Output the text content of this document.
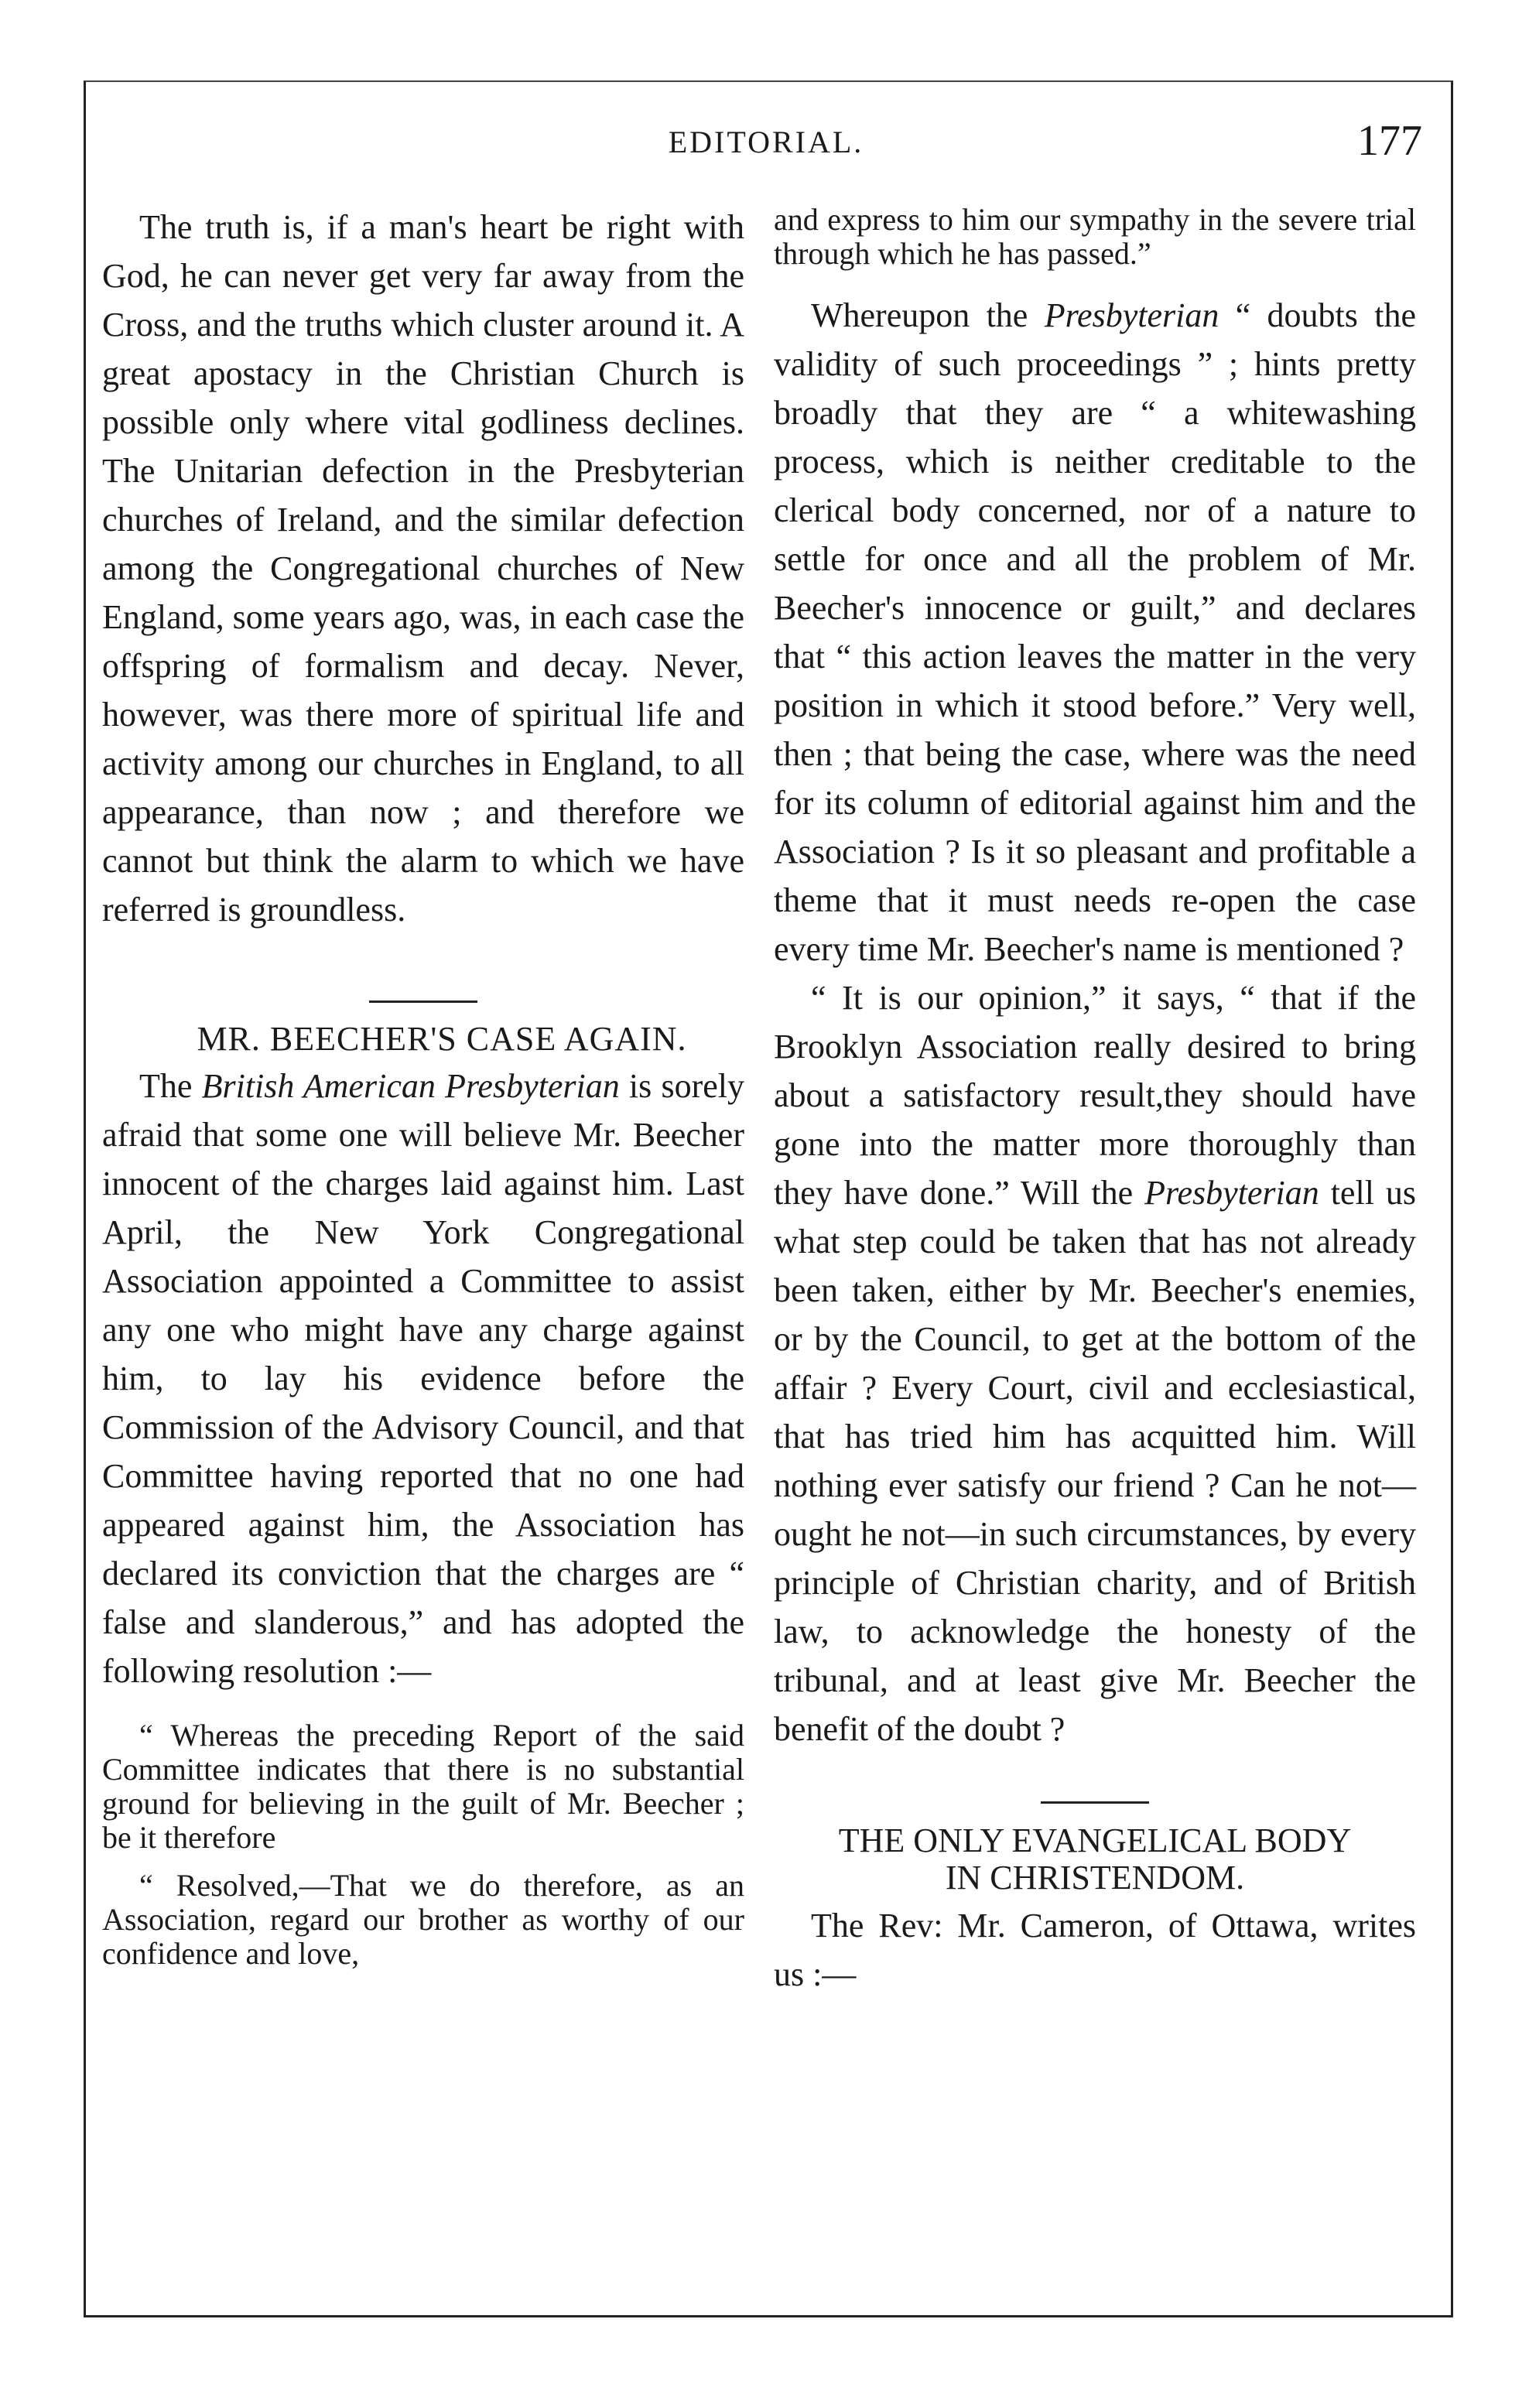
EDITORIAL.	177

The truth is, if a man's heart be right with God, he can never get very far away from the Cross, and the truths which cluster around it. A great apostacy in the Christian Church is possible only where vital godliness declines. The Unitarian defection in the Presbyterian churches of Ireland, and the similar defection among the Congregational churches of New England, some years ago, was, in each case the offspring of formalism and decay. Never, however, was there more of spiritual life and activity among our churches in England, to all appearance, than now ; and therefore we cannot but think the alarm to which we have referred is groundless.

MR. BEECHER'S CASE AGAIN.

The British American Presbyterian is sorely afraid that some one will believe Mr. Beecher innocent of the charges laid against him. Last April, the New York Congregational Association appointed a Committee to assist any one who might have any charge against him, to lay his evidence before the Commission of the Advisory Council, and that Committee having reported that no one had appeared against him, the Association has declared its conviction that the charges are “ false and slanderous,” and has adopted the following resolution :—

“ Whereas the preceding Report of the said Committee indicates that there is no substantial ground for believing in the guilt of Mr. Beecher ; be it therefore

“ Resolved,—That we do therefore, as an Association, regard our brother as worthy of our confidence and love,

and express to him our sympathy in the severe trial through which he has passed.”

Whereupon the Presbyterian “ doubts the validity of such proceedings ” ; hints pretty broadly that they are “ a whitewashing process, which is neither creditable to the clerical body concerned, nor of a nature to settle for once and all the problem of Mr. Beecher's innocence or guilt,” and declares that “ this action leaves the matter in the very position in which it stood before.” Very well, then ; that being the case, where was the need for its column of editorial against him and the Association ? Is it so pleasant and profitable a theme that it must needs re-open the case every time Mr. Beecher's name is mentioned ?

“ It is our opinion,” it says, “ that if the Brooklyn Association really desired to bring about a satisfactory result,they should have gone into the matter more thoroughly than they have done.” Will the Presbyterian tell us what step could be taken that has not already been taken, either by Mr. Beecher's enemies, or by the Council, to get at the bottom of the affair ? Every Court, civil and ecclesiastical, that has tried him has acquitted him. Will nothing ever satisfy our friend ? Can he not—ought he not—in such circumstances, by every principle of Christian charity, and of British law, to acknowledge the honesty of the tribunal, and at least give Mr. Beecher the benefit of the doubt ?

THE ONLY EVANGELICAL BODY
IN CHRISTENDOM.

The Rev: Mr. Cameron, of Ottawa, writes us :—
